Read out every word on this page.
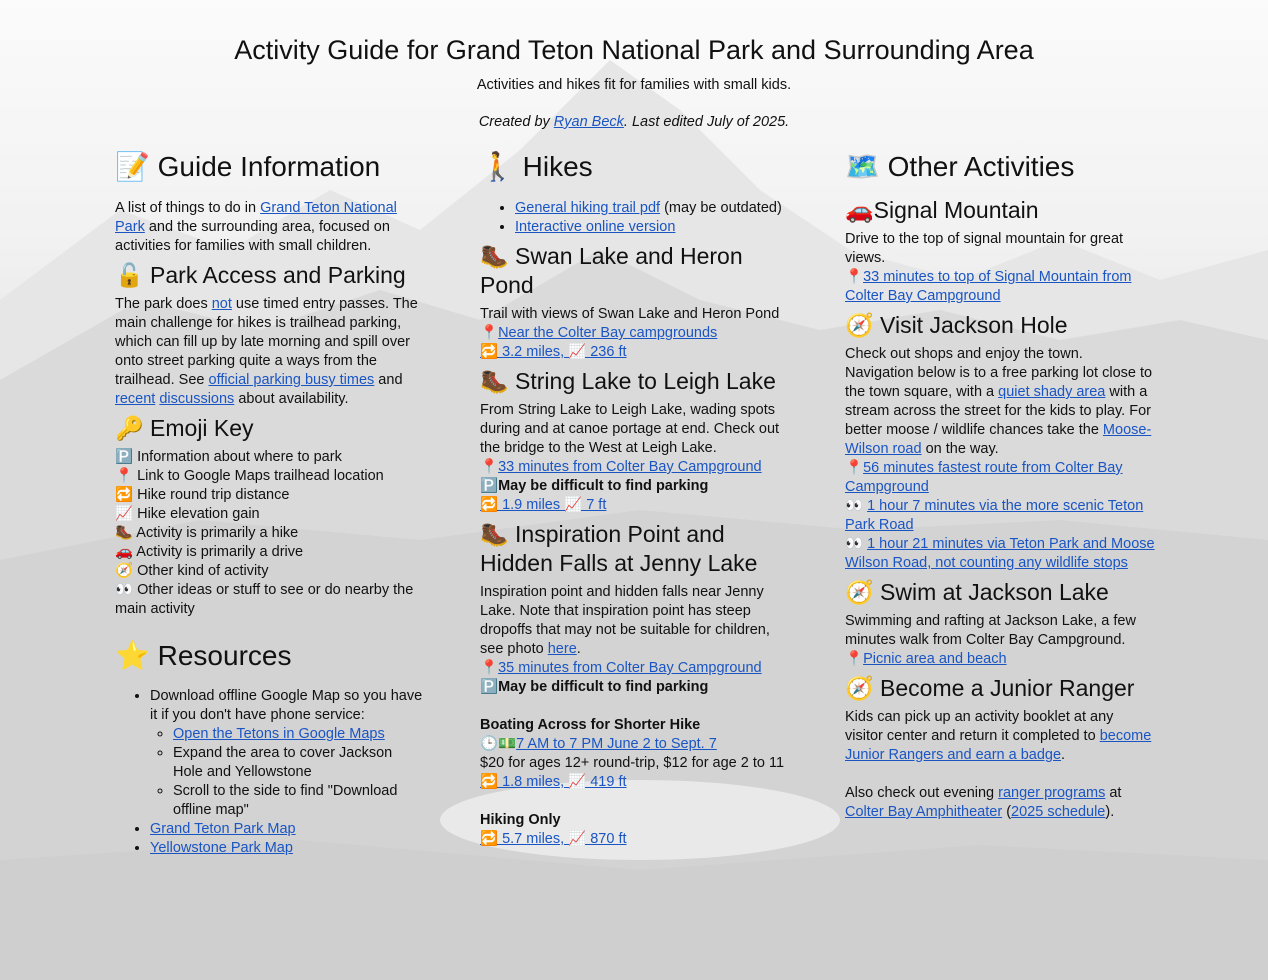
Activity Guide for Grand Teton National Park and Surrounding Area

Activities and hikes fit for families with small kids.

Created by Ryan Beck. Last edited July of 2025.

📝 Guide Information

A list of things to do in Grand Teton National Park and the surrounding area, focused on activities for families with small children.

🔓 Park Access and Parking

The park does not use timed entry passes. The main challenge for hikes is trailhead parking, which can fill up by late morning and spill over onto street parking quite a ways from the trailhead. See official parking busy times and recent discussions about availability.

🔑 Emoji Key
🅿️ Information about where to park
📍 Link to Google Maps trailhead location
🔁 Hike round trip distance
📈 Hike elevation gain
🥾 Activity is primarily a hike
🚗 Activity is primarily a drive
🧭 Other kind of activity
👀 Other ideas or stuff to see or do nearby the main activity
⭐ Resources
• Download offline Google Map so you have it if you don't have phone service:
◦ Open the Tetons in Google Maps
◦ Expand the area to cover Jackson Hole and Yellowstone
◦ Scroll to the side to find "Download offline map"
• Grand Teton Park Map
• Yellowstone Park Map
🚶 Hikes
• General hiking trail pdf (may be outdated)
• Interactive online version
🥾 Swan Lake and Heron Pond
Trail with views of Swan Lake and Heron Pond
📍Near the Colter Bay campgrounds
🔁 3.2 miles, 📈 236 ft
🥾 String Lake to Leigh Lake
From String Lake to Leigh Lake, wading spots during and at canoe portage at end. Check out the bridge to the West at Leigh Lake.
📍33 minutes from Colter Bay Campground
🅿️May be difficult to find parking
🔁 1.9 miles 📈 7 ft
🥾 Inspiration Point and Hidden Falls at Jenny Lake
Inspiration point and hidden falls near Jenny Lake. Note that inspiration point has steep dropoffs that may not be suitable for children, see photo here.
📍35 minutes from Colter Bay Campground
🅿️May be difficult to find parking
Boating Across for Shorter Hike
🕒💵7 AM to 7 PM June 2 to Sept. 7
$20 for ages 12+ round-trip, $12 for age 2 to 11
🔁 1.8 miles, 📈 419 ft
Hiking Only
🔁 5.7 miles, 📈 870 ft
🗺️ Other Activities
🚗Signal Mountain
Drive to the top of signal mountain for great views.
📍33 minutes to top of Signal Mountain from Colter Bay Campground
🧭 Visit Jackson Hole
Check out shops and enjoy the town. Navigation below is to a free parking lot close to the town square, with a quiet shady area with a stream across the street for the kids to play. For better moose / wildlife chances take the Moose-Wilson road on the way.
📍56 minutes fastest route from Colter Bay Campground
👀 1 hour 7 minutes via the more scenic Teton Park Road
👀 1 hour 21 minutes via Teton Park and Moose Wilson Road, not counting any wildlife stops
🧭 Swim at Jackson Lake
Swimming and rafting at Jackson Lake, a few minutes walk from Colter Bay Campground.
📍Picnic area and beach
🧭 Become a Junior Ranger
Kids can pick up an activity booklet at any visitor center and return it completed to become Junior Rangers and earn a badge.
Also check out evening ranger programs at Colter Bay Amphitheater (2025 schedule).
